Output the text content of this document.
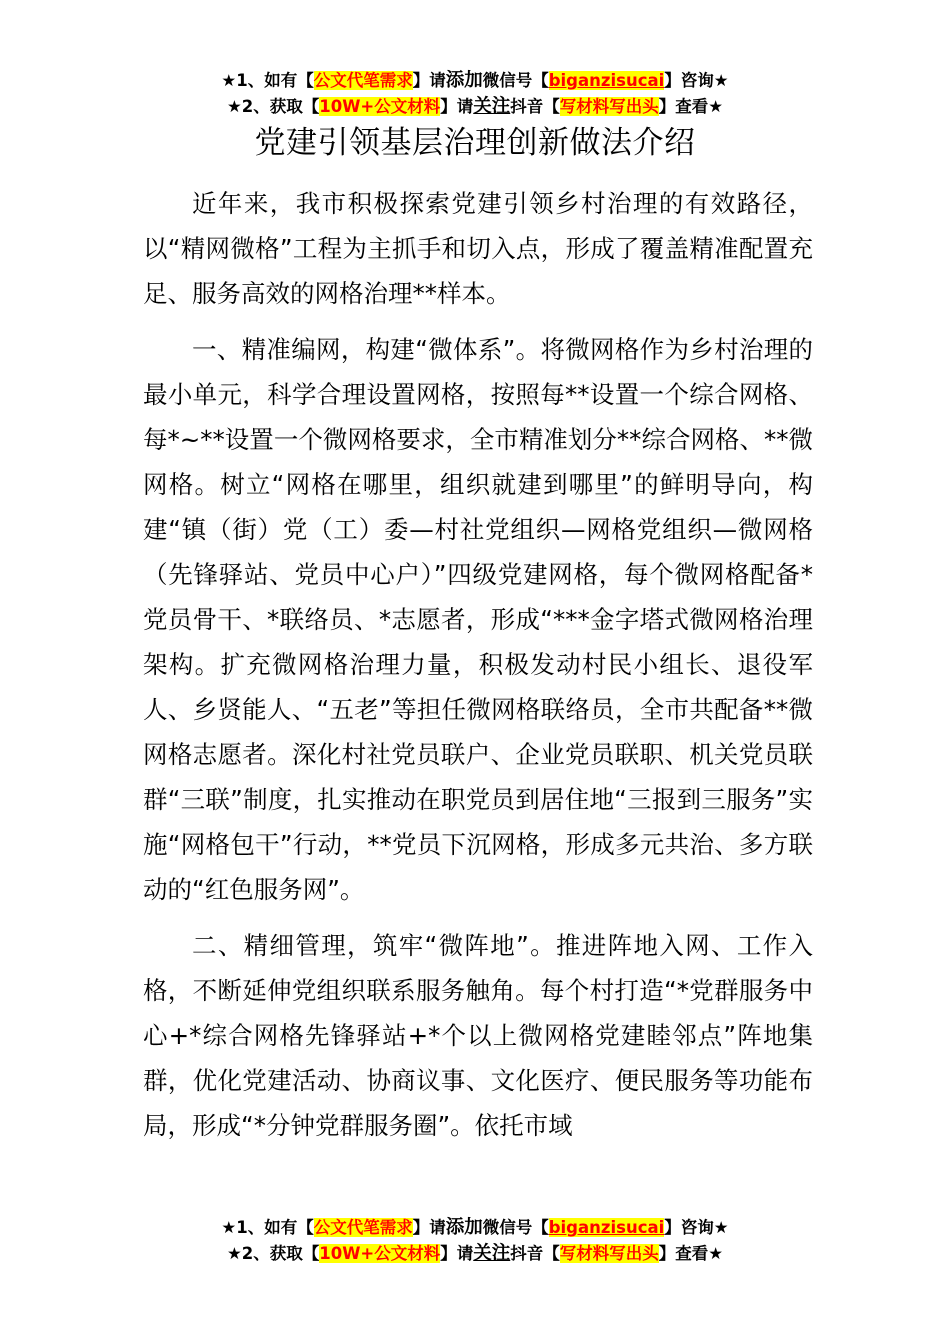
★1、如有【公文代笔需求】请添加微信号【biganzisucai】咨询★
★2、获取【10W+公文材料】请关注抖音【写材料写出头】查看★
党建引领基层治理创新做法介绍

近年来，我市积极探索党建引领乡村治理的有效路径，以“精网微格”工程为主抓手和切入点，形成了覆盖精准配置充足、服务高效的网格治理**样本。

一、精准编网，构建“微体系”。将微网格作为乡村治理的最小单元，科学合理设置网格，按照每**设置一个综合网格、每*~**设置一个微网格要求，全市精准划分**综合网格、**微网格。树立“网格在哪里，组织就建到哪里”的鲜明导向，构建“镇（街）党（工）委—村社党组织—网格党组织—微网格（先锋驿站、党员中心户）”四级党建网格，每个微网格配备*党员骨干、*联络员、*志愿者，形成“***金字塔式微网格治理架构。扩充微网格治理力量，积极发动村民小组长、退役军人、乡贤能人、“五老”等担任微网格联络员，全市共配备**微网格志愿者。深化村社党员联户、企业党员联职、机关党员联群“三联”制度，扎实推动在职党员到居住地“三报到三服务”实施“网格包干”行动，**党员下沉网格，形成多元共治、多方联动的“红色服务网”。

二、精细管理，筑牢“微阵地”。推进阵地入网、工作入格，不断延伸党组织联系服务触角。每个村打造“*党群服务中心+*综合网格先锋驿站+*个以上微网格党建睦邻点”阵地集群，优化党建活动、协商议事、文化医疗、便民服务等功能布局，形成“*分钟党群服务圈”。依托市域

★1、如有【公文代笔需求】请添加微信号【biganzisucai】咨询★
★2、获取【10W+公文材料】请关注抖音【写材料写出头】查看★
